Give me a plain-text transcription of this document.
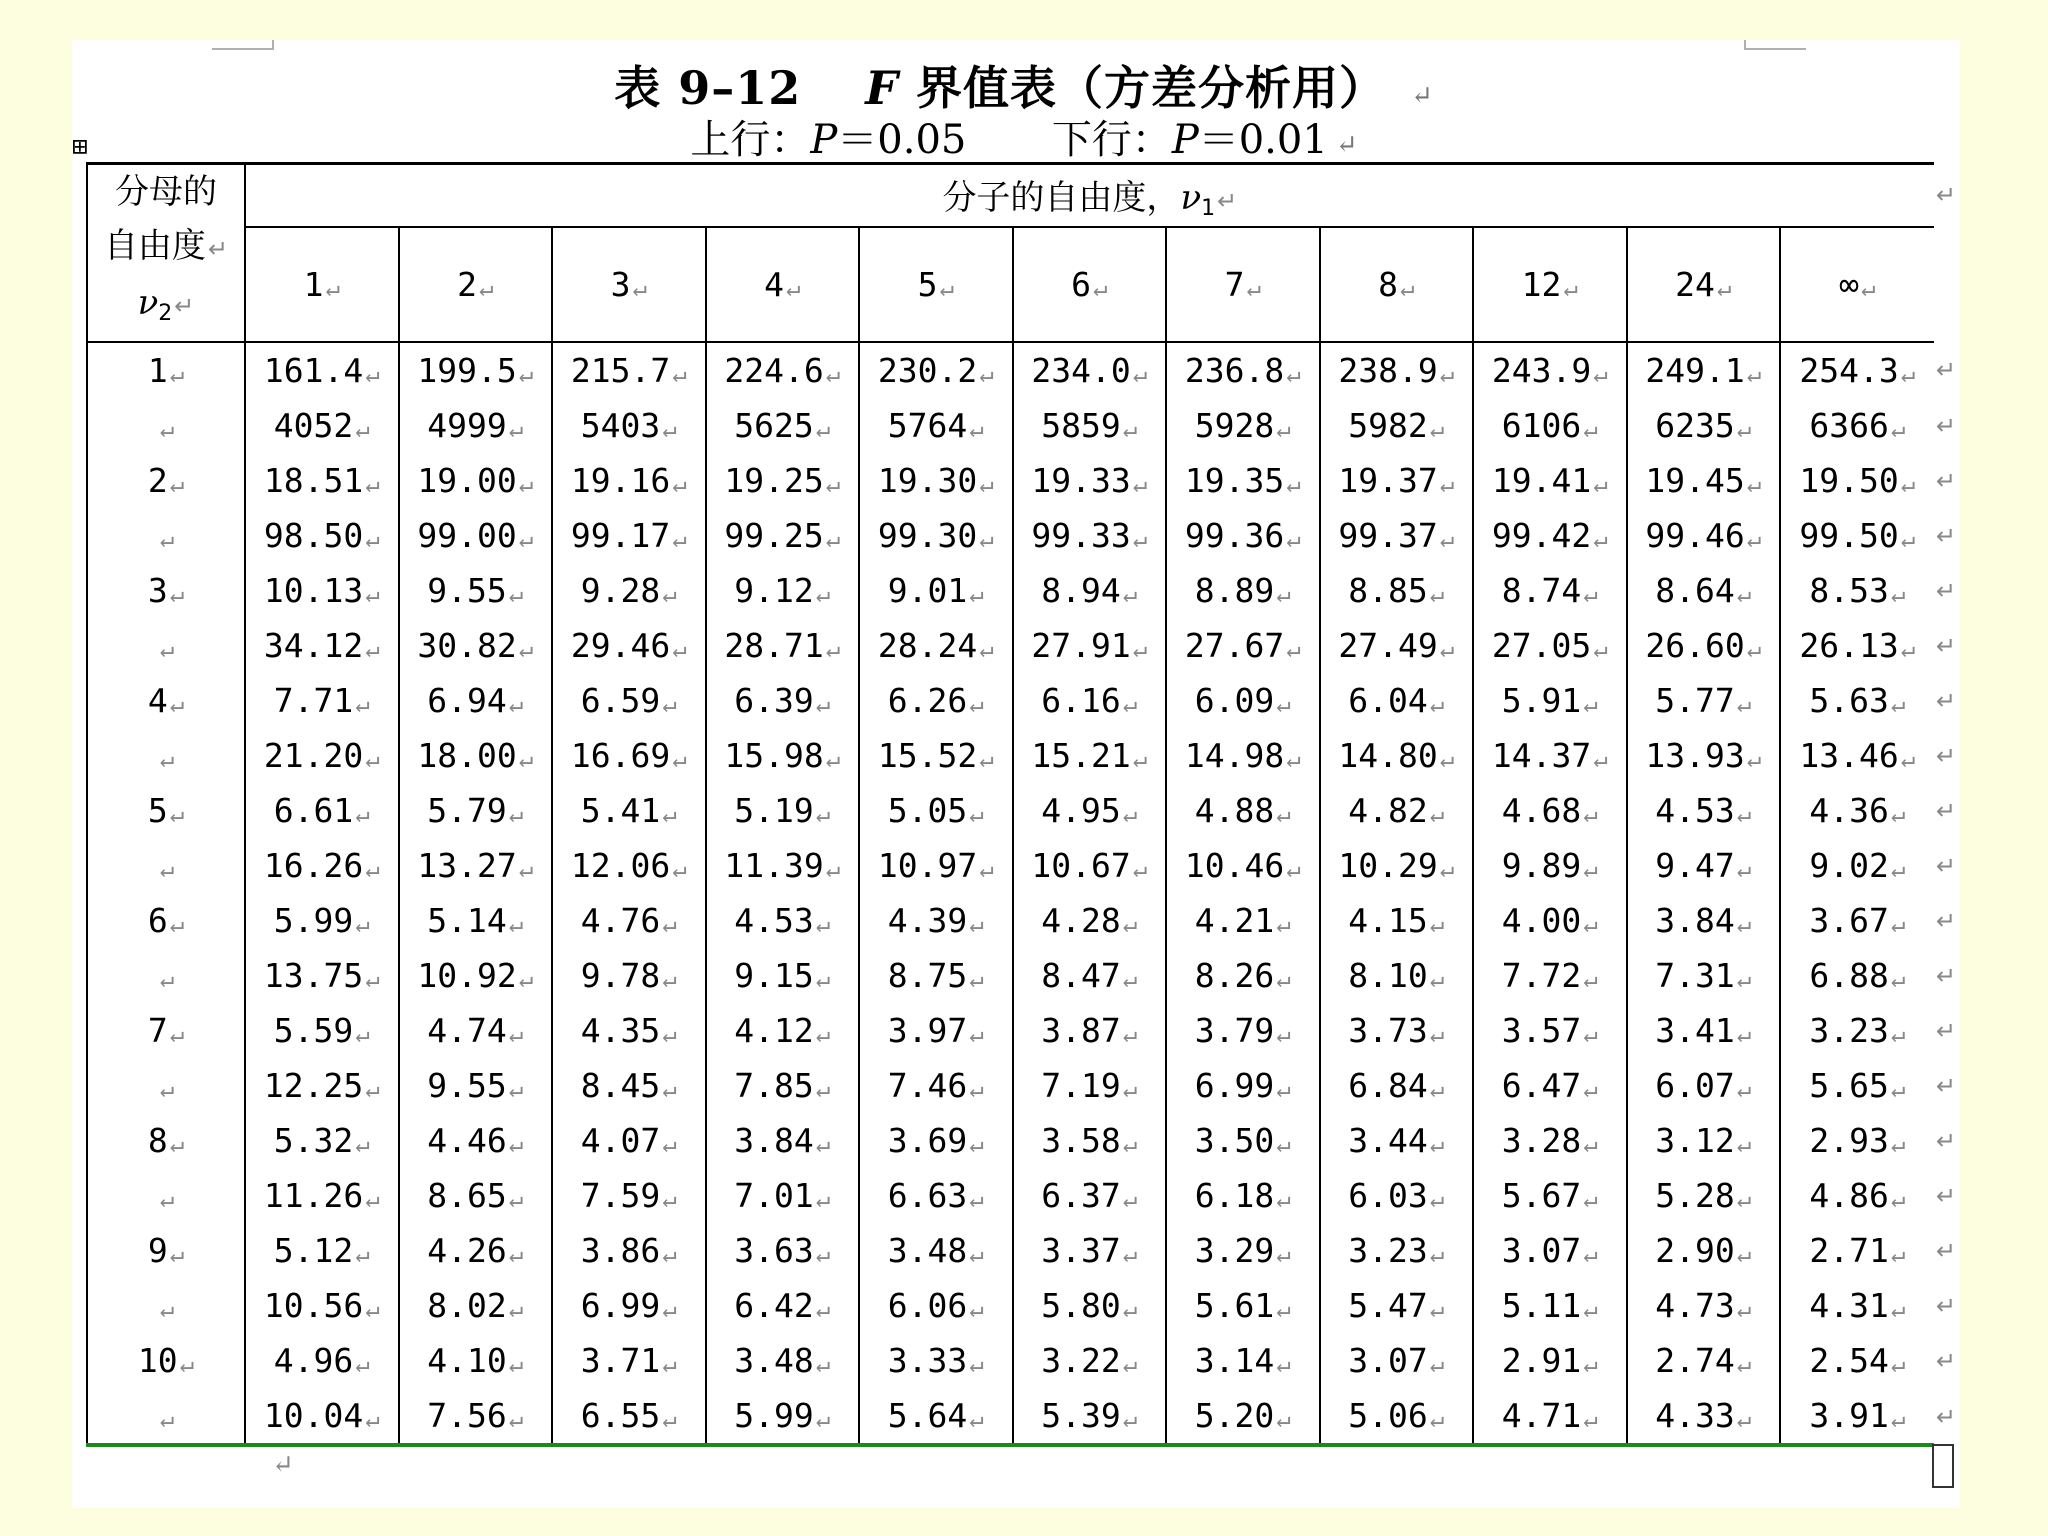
⊞
表 9–12 F 界值表（方差分析用） ↵
上行：P＝0.05 下行：P＝0.01 ↵
分母的
自由度↵
$\nu_2↵$	分子的自由度，$\nu_1↵$										
	1↵	2↵	3↵	4↵	5↵	6↵	7↵	8↵	12↵	24↵	∞↵
1↵	161.4↵	199.5↵	215.7↵	224.6↵	230.2↵	234.0↵	236.8↵	238.9↵	243.9↵	249.1↵	254.3↵
↵	4052↵	4999↵	5403↵	5625↵	5764↵	5859↵	5928↵	5982↵	6106↵	6235↵	6366↵
2↵	18.51↵	19.00↵	19.16↵	19.25↵	19.30↵	19.33↵	19.35↵	19.37↵	19.41↵	19.45↵	19.50↵
↵	98.50↵	99.00↵	99.17↵	99.25↵	99.30↵	99.33↵	99.36↵	99.37↵	99.42↵	99.46↵	99.50↵
3↵	10.13↵	9.55↵	9.28↵	9.12↵	9.01↵	8.94↵	8.89↵	8.85↵	8.74↵	8.64↵	8.53↵
↵	34.12↵	30.82↵	29.46↵	28.71↵	28.24↵	27.91↵	27.67↵	27.49↵	27.05↵	26.60↵	26.13↵
4↵	7.71↵	6.94↵	6.59↵	6.39↵	6.26↵	6.16↵	6.09↵	6.04↵	5.91↵	5.77↵	5.63↵
↵	21.20↵	18.00↵	16.69↵	15.98↵	15.52↵	15.21↵	14.98↵	14.80↵	14.37↵	13.93↵	13.46↵
5↵	6.61↵	5.79↵	5.41↵	5.19↵	5.05↵	4.95↵	4.88↵	4.82↵	4.68↵	4.53↵	4.36↵
↵	16.26↵	13.27↵	12.06↵	11.39↵	10.97↵	10.67↵	10.46↵	10.29↵	9.89↵	9.47↵	9.02↵
6↵	5.99↵	5.14↵	4.76↵	4.53↵	4.39↵	4.28↵	4.21↵	4.15↵	4.00↵	3.84↵	3.67↵
↵	13.75↵	10.92↵	9.78↵	9.15↵	8.75↵	8.47↵	8.26↵	8.10↵	7.72↵	7.31↵	6.88↵
7↵	5.59↵	4.74↵	4.35↵	4.12↵	3.97↵	3.87↵	3.79↵	3.73↵	3.57↵	3.41↵	3.23↵
↵	12.25↵	9.55↵	8.45↵	7.85↵	7.46↵	7.19↵	6.99↵	6.84↵	6.47↵	6.07↵	5.65↵
8↵	5.32↵	4.46↵	4.07↵	3.84↵	3.69↵	3.58↵	3.50↵	3.44↵	3.28↵	3.12↵	2.93↵
↵	11.26↵	8.65↵	7.59↵	7.01↵	6.63↵	6.37↵	6.18↵	6.03↵	5.67↵	5.28↵	4.86↵
9↵	5.12↵	4.26↵	3.86↵	3.63↵	3.48↵	3.37↵	3.29↵	3.23↵	3.07↵	2.90↵	2.71↵
↵	10.56↵	8.02↵	6.99↵	6.42↵	6.06↵	5.80↵	5.61↵	5.47↵	5.11↵	4.73↵	4.31↵
10↵	4.96↵	4.10↵	3.71↵	3.48↵	3.33↵	3.22↵	3.14↵	3.07↵	2.91↵	2.74↵	2.54↵
↵	10.04↵	7.56↵	6.55↵	5.99↵	5.64↵	5.39↵	5.20↵	5.06↵	4.71↵	4.33↵	3.91↵
↵
↵
↵
↵
↵
↵
↵
↵
↵
↵
↵
↵
↵
↵
↵
↵
↵
↵
↵
↵
↵
↵
